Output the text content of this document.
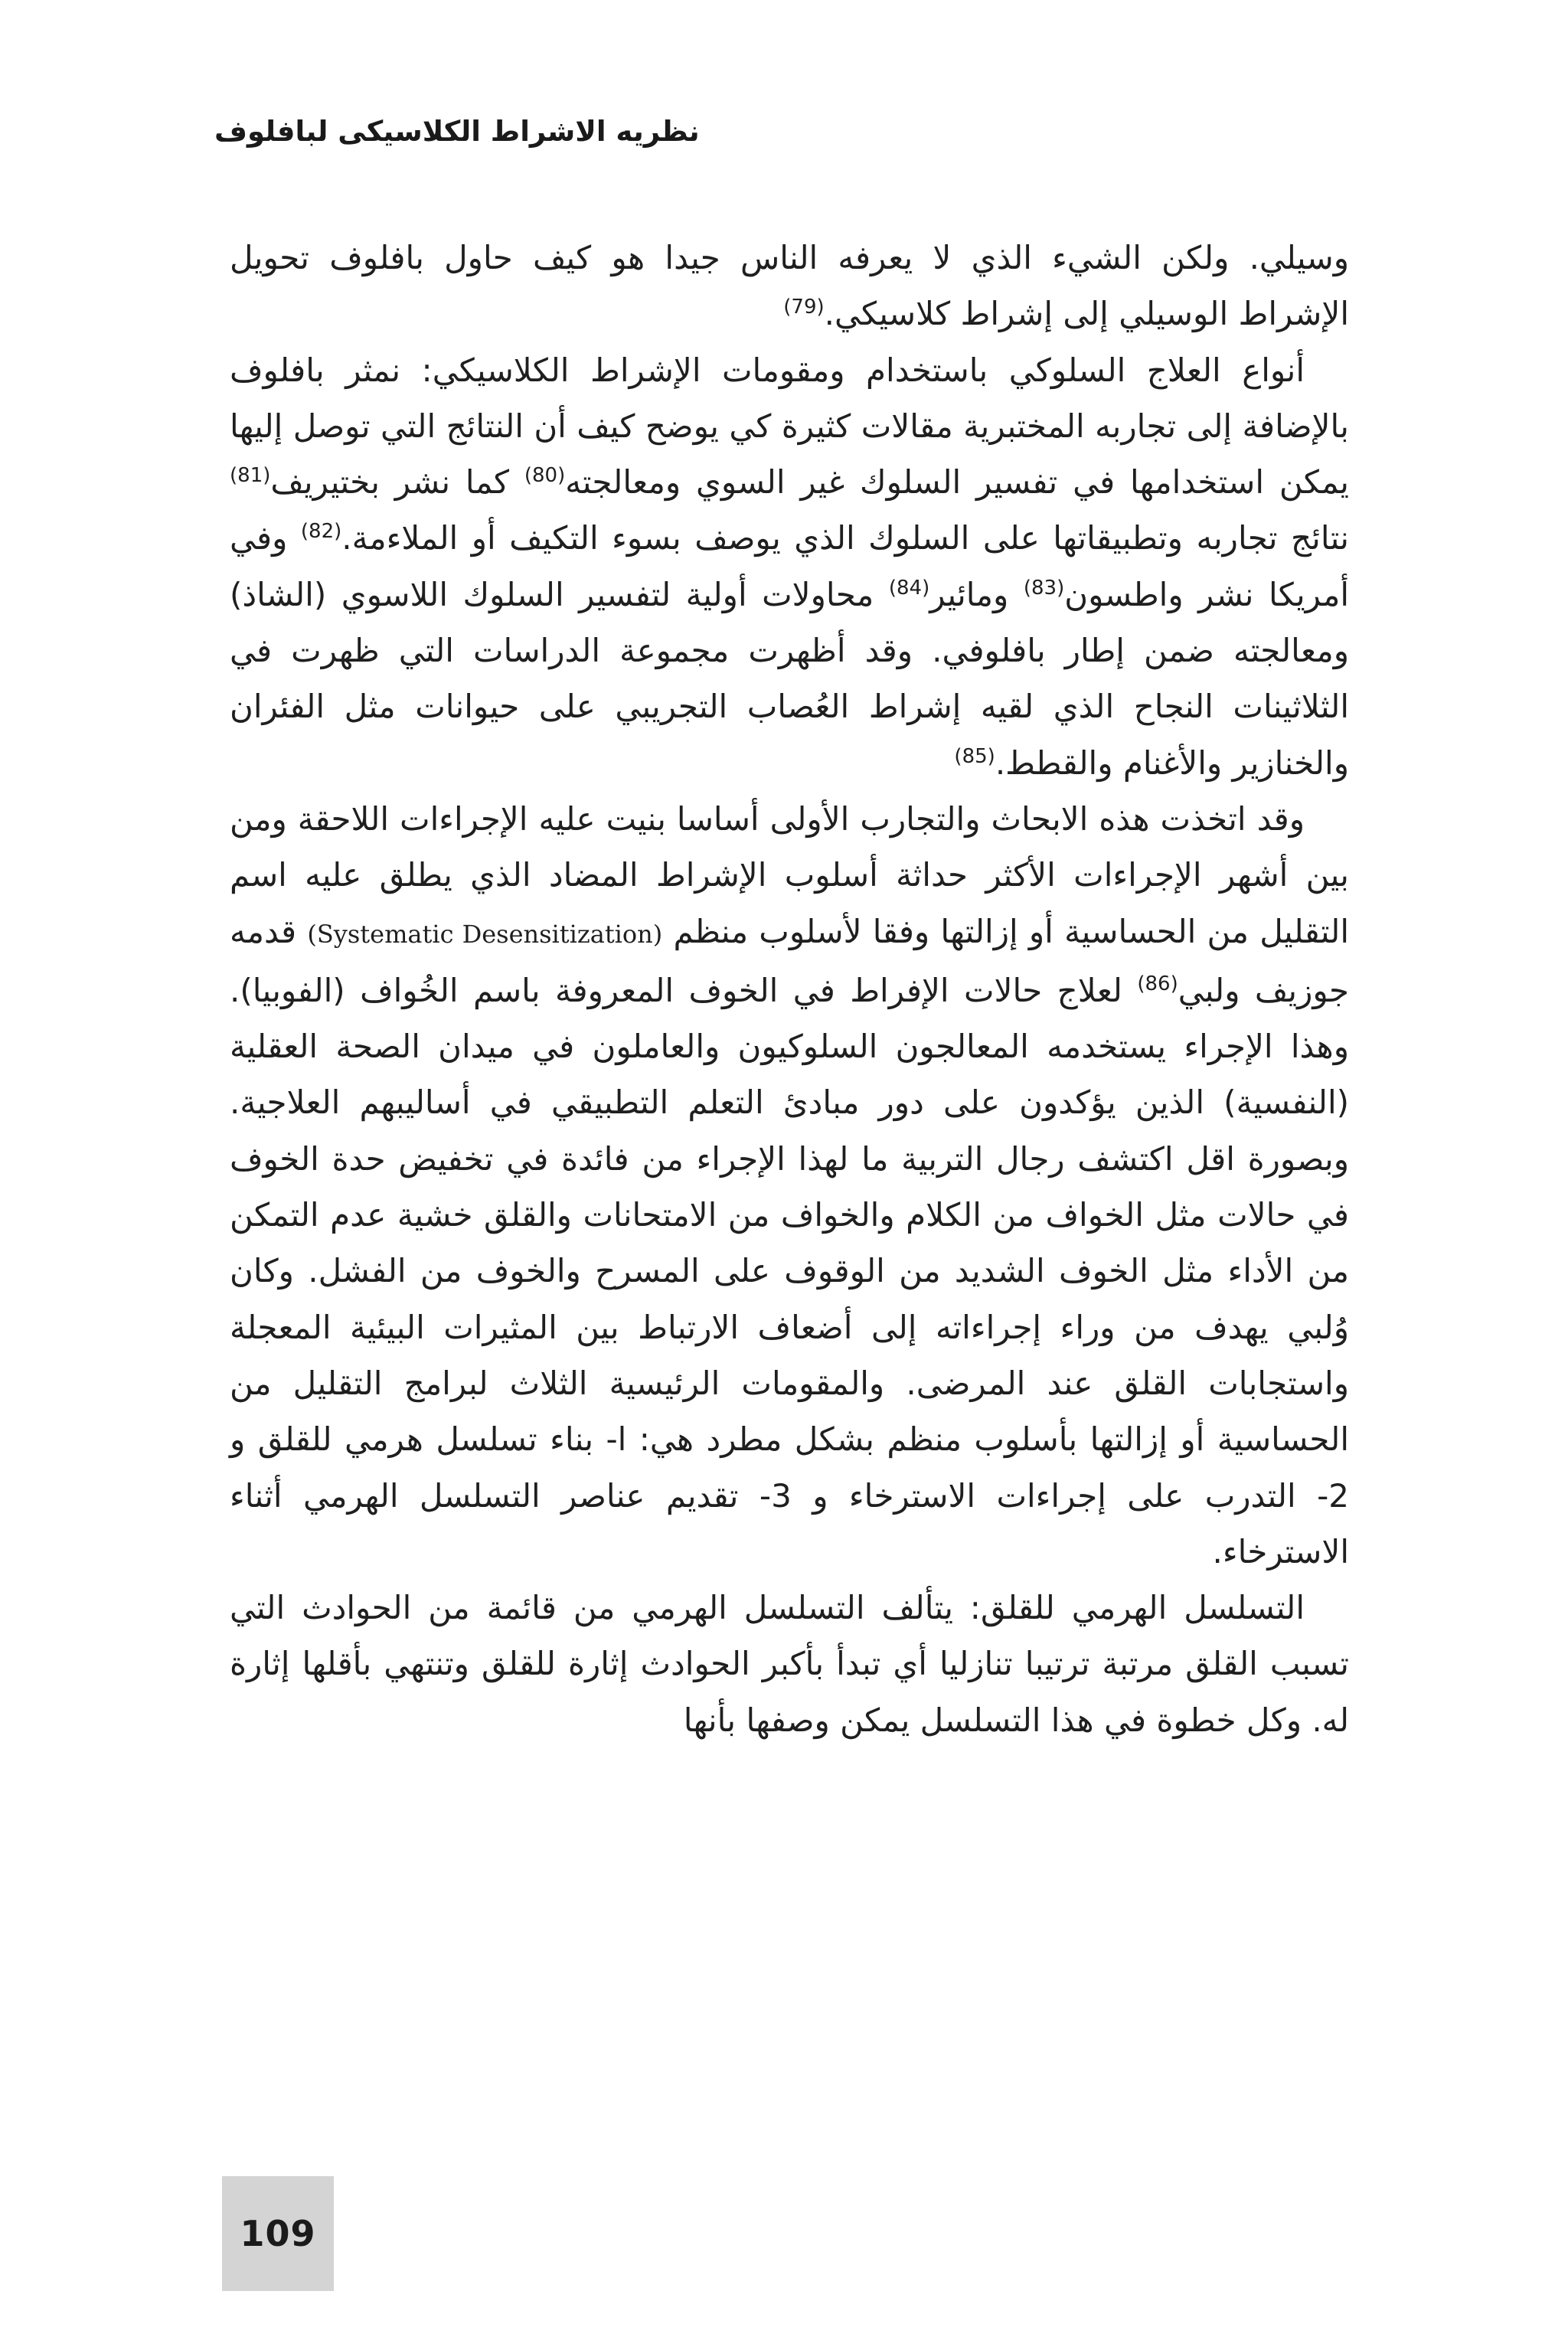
نظريه الاشراط الكلاسيكى لبافلوف

وسيلي. ولكن الشيء الذي لا يعرفه الناس جيدا هو كيف حاول بافلوف تحويل الإشراط الوسيلي إلى إشراط كلاسيكي.$^{(79)}$

أنواع العلاج السلوكي باستخدام ومقومات الإشراط الكلاسيكي: نمثر بافلوف بالإضافة إلى تجاربه المختبرية مقالات كثيرة كي يوضح كيف أن النتائج التي توصل إليها يمكن استخدامها في تفسير السلوك غير السوي ومعالجته$^{(80)}$ كما نشر بختيريف$^{(81)}$ نتائج تجاربه وتطبيقاتها على السلوك الذي يوصف بسوء التكيف أو الملاءمة.$^{(82)}$ وفي أمريكا نشر واطسون$^{(83)}$ ومائير$^{(84)}$ محاولات أولية لتفسير السلوك اللاسوي (الشاذ) ومعالجته ضمن إطار بافلوفي. وقد أظهرت مجموعة الدراسات التي ظهرت في الثلاثينات النجاح الذي لقيه إشراط العُصاب التجريبي على حيوانات مثل الفئران والخنازير والأغنام والقطط.$^{(85)}$

وقد اتخذت هذه الابحاث والتجارب الأولى أساسا بنيت عليه الإجراءات اللاحقة ومن بين أشهر الإجراءات الأكثر حداثة أسلوب الإشراط المضاد الذي يطلق عليه اسم التقليل من الحساسية أو إزالتها وفقا لأسلوب منظم (Systematic Desensitization) قدمه جوزيف ولبي$^{(86)}$ لعلاج حالات الإفراط في الخوف المعروفة باسم الخُواف (الفوبيا). وهذا الإجراء يستخدمه المعالجون السلوكيون والعاملون في ميدان الصحة العقلية (النفسية) الذين يؤكدون على دور مبادئ التعلم التطبيقي في أساليبهم العلاجية. وبصورة اقل اكتشف رجال التربية ما لهذا الإجراء من فائدة في تخفيض حدة الخوف في حالات مثل الخواف من الكلام والخواف من الامتحانات والقلق خشية عدم التمكن من الأداء مثل الخوف الشديد من الوقوف على المسرح والخوف من الفشل. وكان وُلبي يهدف من وراء إجراءاته إلى أضعاف الارتباط بين المثيرات البيئية المعجلة واستجابات القلق عند المرضى. والمقومات الرئيسية الثلاث لبرامج التقليل من الحساسية أو إزالتها بأسلوب منظم بشكل مطرد هي: ا- بناء تسلسل هرمي للقلق و 2- التدرب على إجراءات الاسترخاء و 3- تقديم عناصر التسلسل الهرمي أثناء الاسترخاء.

التسلسل الهرمي للقلق: يتألف التسلسل الهرمي من قائمة من الحوادث التي تسبب القلق مرتبة ترتيبا تنازليا أي تبدأ بأكبر الحوادث إثارة للقلق وتنتهي بأقلها إثارة له. وكل خطوة في هذا التسلسل يمكن وصفها بأنها

109
